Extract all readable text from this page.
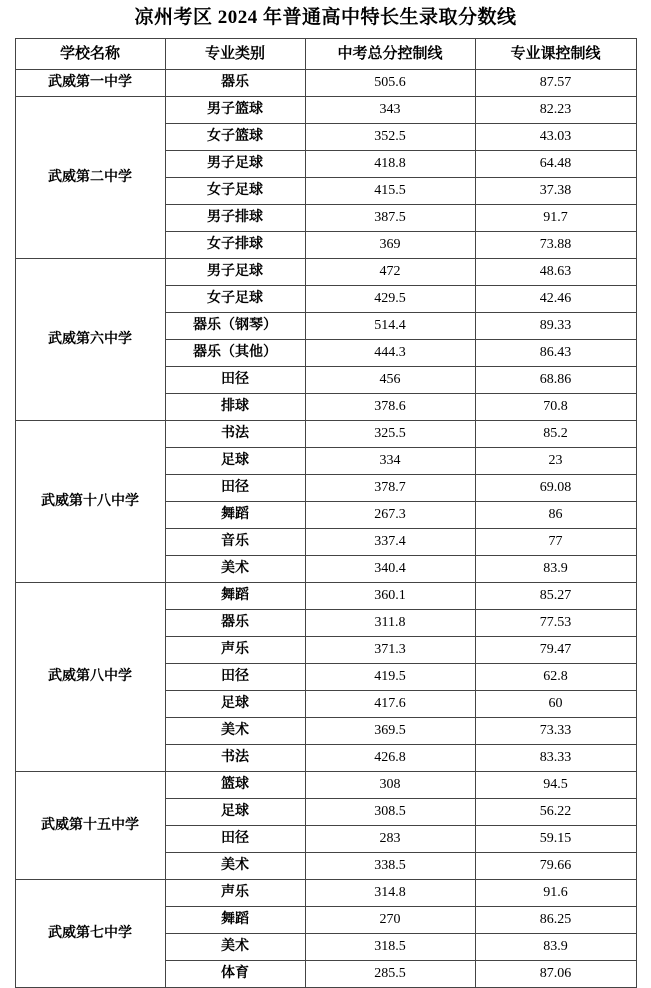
凉州考区 2024 年普通高中特长生录取分数线
学校名称	专业类别	中考总分控制线	专业课控制线
武威第一中学	器乐	505.6	87.57
武威第二中学	男子篮球	343	82.23
	女子篮球	352.5	43.03
	男子足球	418.8	64.48
	女子足球	415.5	37.38
	男子排球	387.5	91.7
	女子排球	369	73.88
武威第六中学	男子足球	472	48.63
	女子足球	429.5	42.46
	器乐（钢琴）	514.4	89.33
	器乐（其他）	444.3	86.43
	田径	456	68.86
	排球	378.6	70.8
武威第十八中学	书法	325.5	85.2
	足球	334	23
	田径	378.7	69.08
	舞蹈	267.3	86
	音乐	337.4	77
	美术	340.4	83.9
武威第八中学	舞蹈	360.1	85.27
	器乐	311.8	77.53
	声乐	371.3	79.47
	田径	419.5	62.8
	足球	417.6	60
	美术	369.5	73.33
	书法	426.8	83.33
武威第十五中学	篮球	308	94.5
	足球	308.5	56.22
	田径	283	59.15
	美术	338.5	79.66
武威第七中学	声乐	314.8	91.6
	舞蹈	270	86.25
	美术	318.5	83.9
	体育	285.5	87.06
